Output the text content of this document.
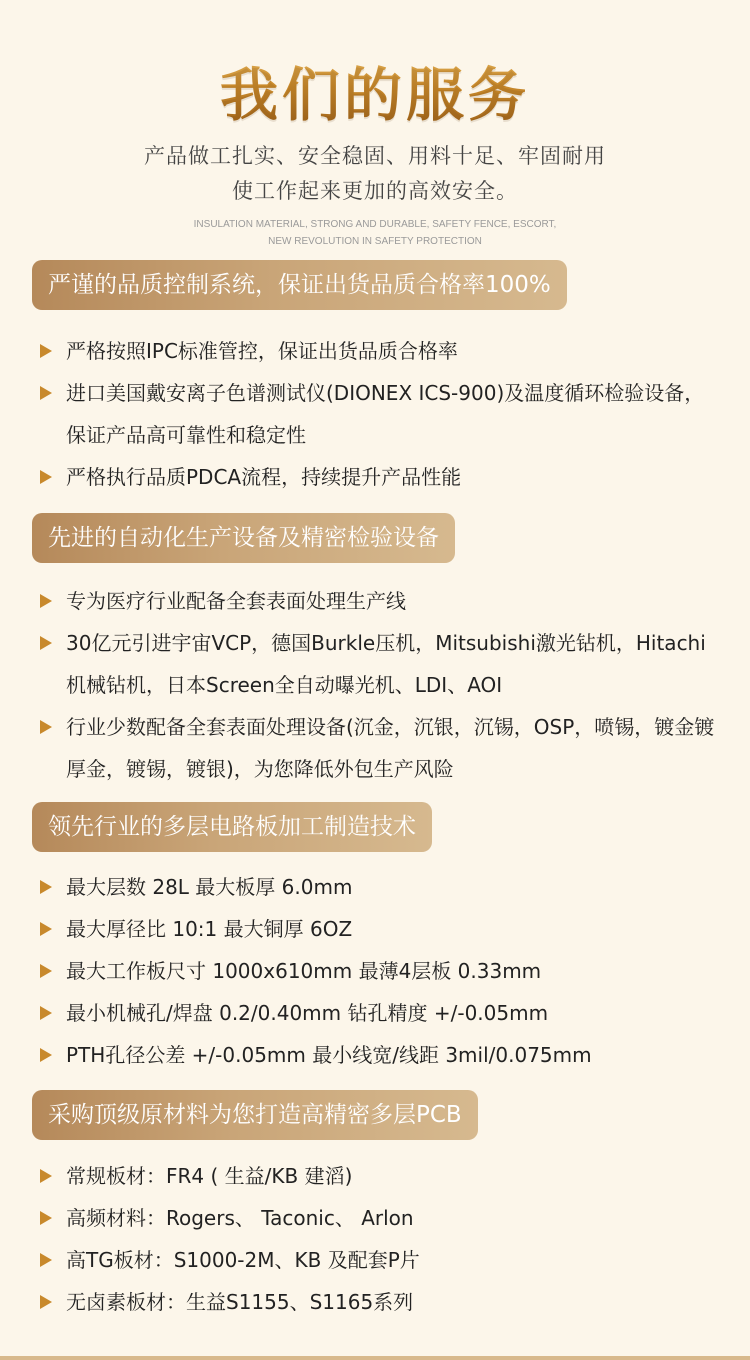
我们的服务
产品做工扎实、安全稳固、用料十足、牢固耐用
使工作起来更加的高效安全。
INSULATION MATERIAL, STRONG AND DURABLE, SAFETY FENCE, ESCORT,
NEW REVOLUTION IN SAFETY PROTECTION
严谨的品质控制系统，保证出货品质合格率100%
严格按照IPC标准管控，保证出货品质合格率
进口美国戴安离子色谱测试仪(DIONEX ICS-900)及温度循环检验设备，保证产品高可靠性和稳定性
严格执行品质PDCA流程，持续提升产品性能
先进的自动化生产设备及精密检验设备
专为医疗行业配备全套表面处理生产线
30亿元引进宇宙VCP，德国Burkle压机，Mitsubishi激光钻机，Hitachi机械钻机，日本Screen全自动曝光机、LDI、AOI
行业少数配备全套表面处理设备(沉金，沉银，沉锡，OSP，喷锡，镀金镀厚金，镀锡，镀银)，为您降低外包生产风险
领先行业的多层电路板加工制造技术
最大层数 28L 最大板厚 6.0mm
最大厚径比 10:1 最大铜厚 6OZ
最大工作板尺寸 1000x610mm 最薄4层板 0.33mm
最小机械孔/焊盘 0.2/0.40mm 钻孔精度 +/-0.05mm
PTH孔径公差 +/-0.05mm 最小线宽/线距 3mil/0.075mm
采购顶级原材料为您打造高精密多层PCB
常规板材：FR4 ( 生益/KB 建滔)
高频材料：Rogers、 Taconic、 Arlon
高TG板材：S1000-2M、KB 及配套P片
无卤素板材：生益S1155、S1165系列
